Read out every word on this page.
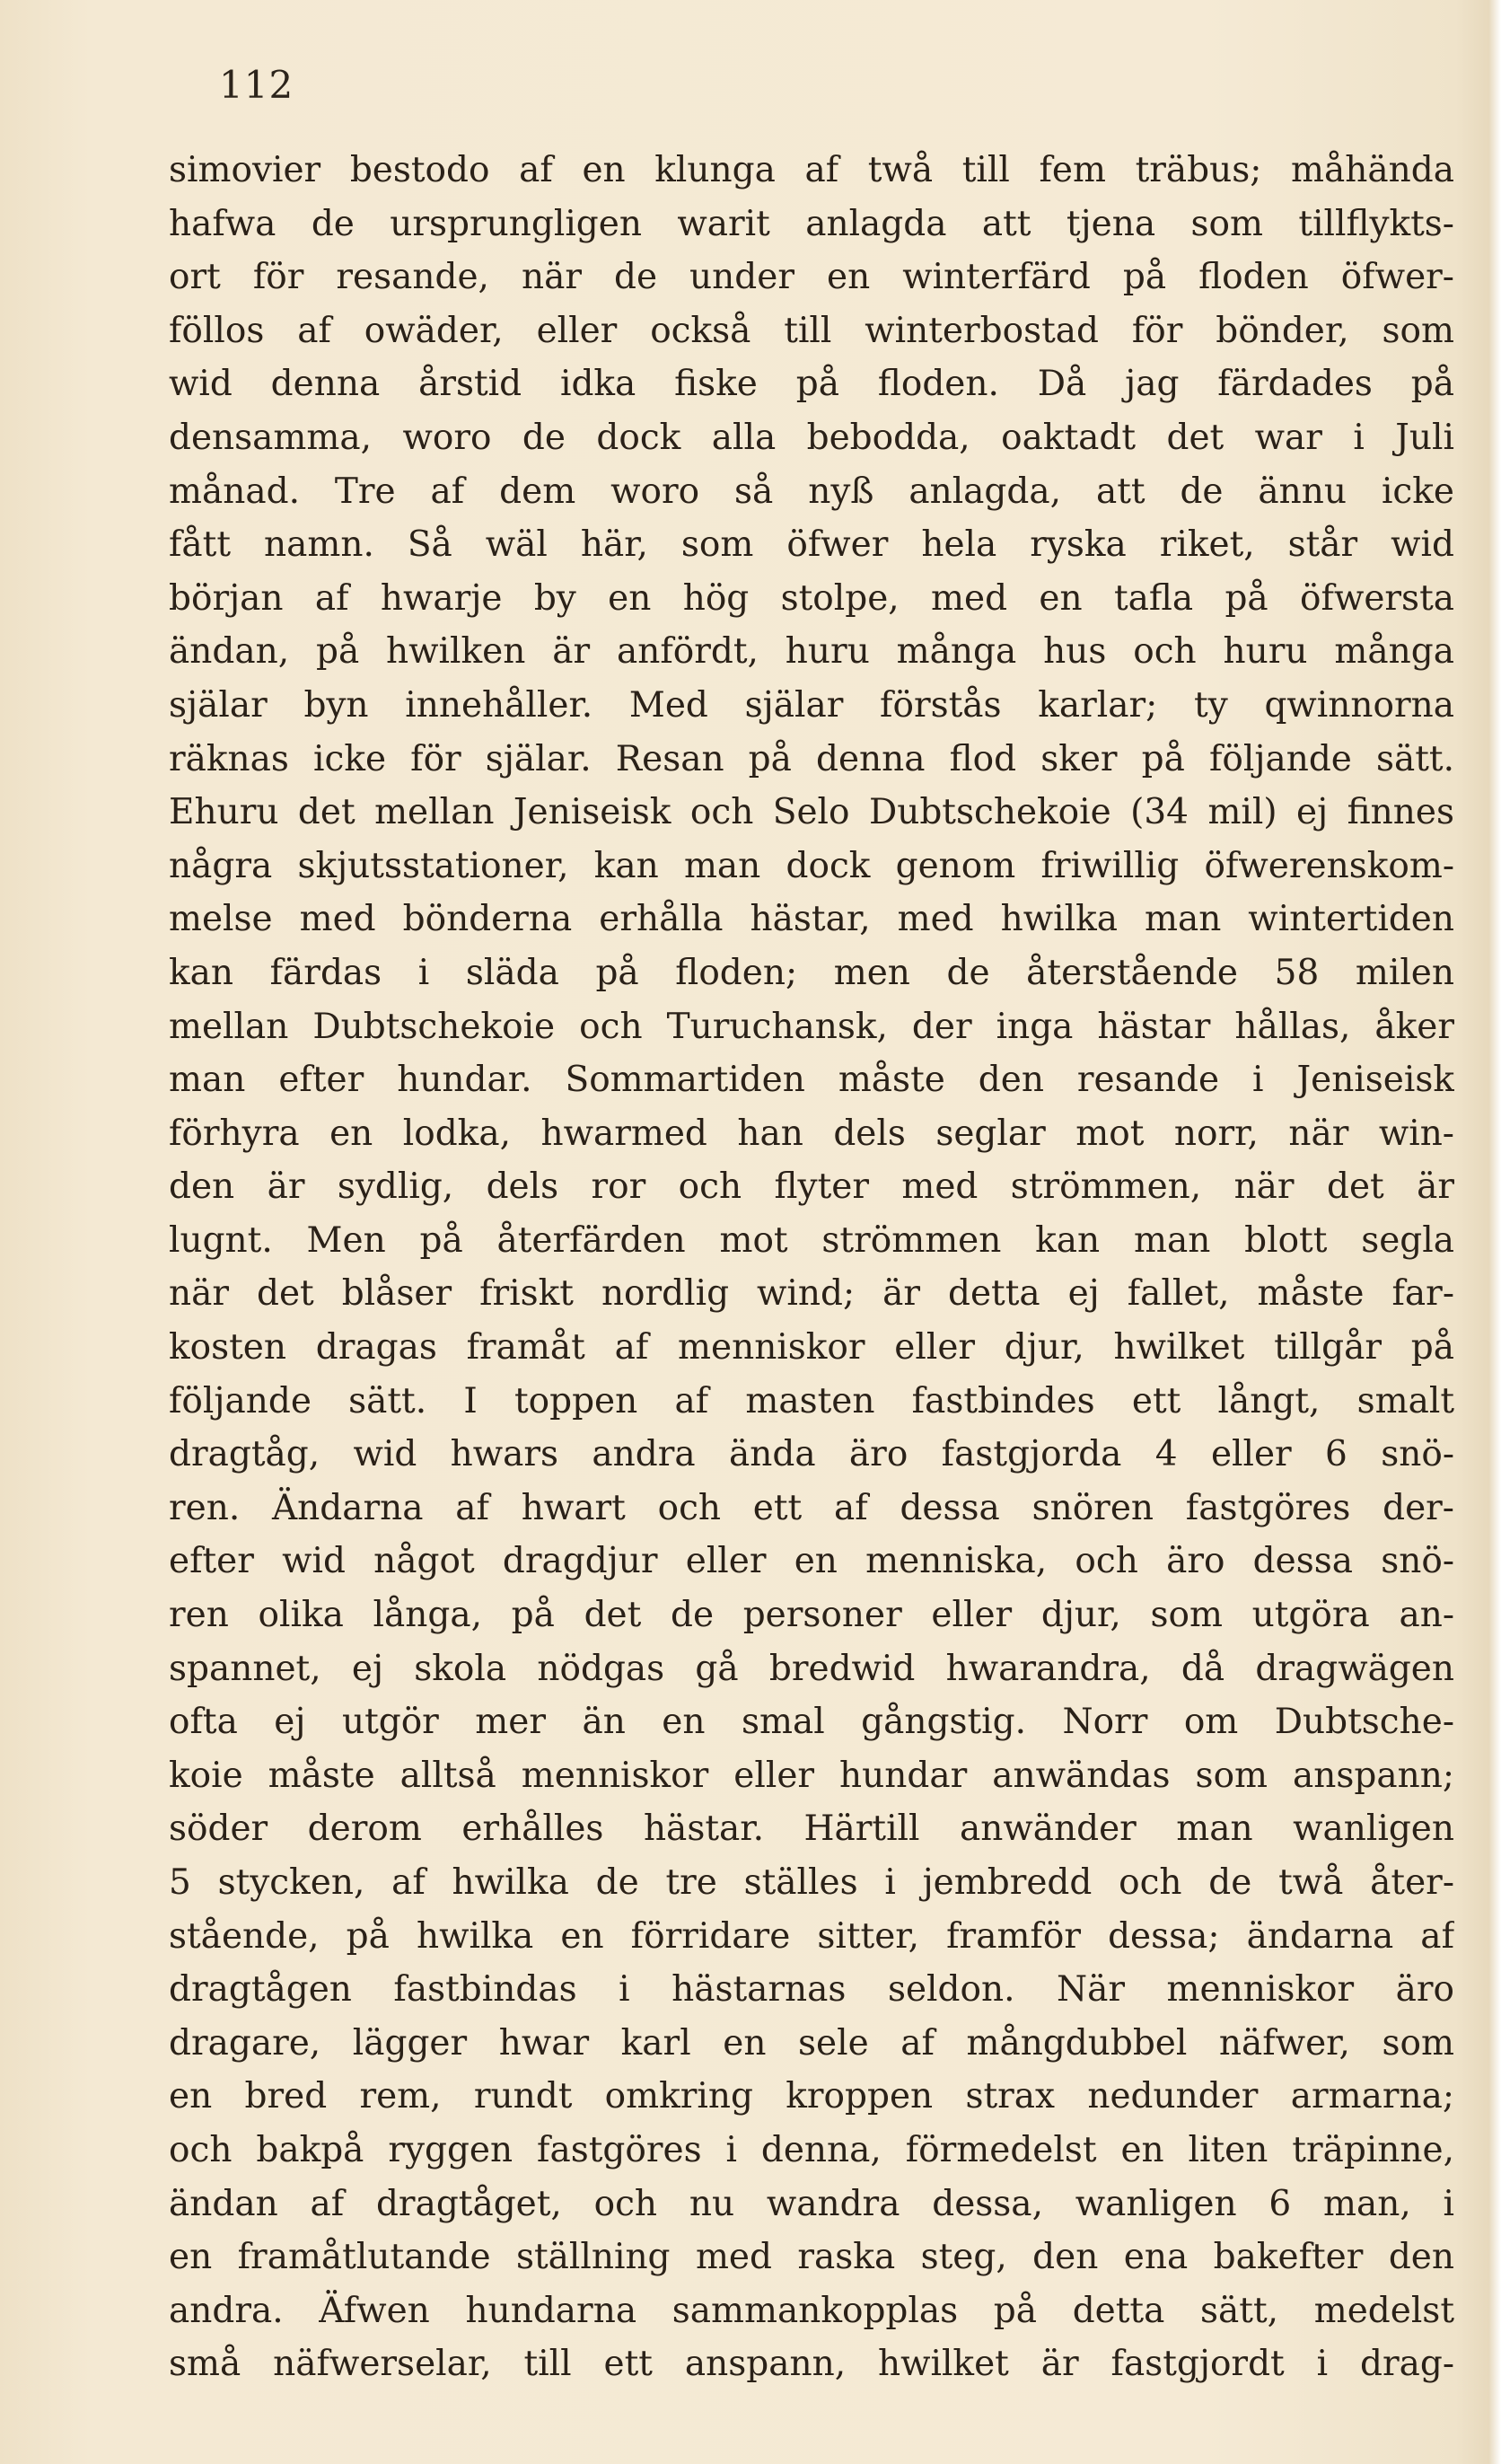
112
simovier bestodo af en klunga af twå till fem träbus; måhända
hafwa de ursprungligen warit anlagda att tjena som tillflykts-
ort för resande, när de under en winterfärd på floden öfwer-
föllos af owäder, eller också till winterbostad för bönder, som
wid denna årstid idka fiske på floden. Då jag färdades på
densamma, woro de dock alla bebodda, oaktadt det war i Juli
månad. Tre af dem woro så nyß anlagda, att de ännu icke
fått namn. Så wäl här, som öfwer hela ryska riket, står wid
början af hwarje by en hög stolpe, med en tafla på öfwersta
ändan, på hwilken är anfördt, huru många hus och huru många
själar byn innehåller. Med själar förstås karlar; ty qwinnorna
räknas icke för själar. Resan på denna flod sker på följande sätt.
Ehuru det mellan Jeniseisk och Selo Dubtschekoie (34 mil) ej finnes
några skjutsstationer, kan man dock genom friwillig öfwerenskom-
melse med bönderna erhålla hästar, med hwilka man wintertiden
kan färdas i släda på floden; men de återstående 58 milen
mellan Dubtschekoie och Turuchansk, der inga hästar hållas, åker
man efter hundar. Sommartiden måste den resande i Jeniseisk
förhyra en lodka, hwarmed han dels seglar mot norr, när win-
den är sydlig, dels ror och flyter med strömmen, när det är
lugnt. Men på återfärden mot strömmen kan man blott segla
när det blåser friskt nordlig wind; är detta ej fallet, måste far-
kosten dragas framåt af menniskor eller djur, hwilket tillgår på
följande sätt. I toppen af masten fastbindes ett långt, smalt
dragtåg, wid hwars andra ända äro fastgjorda 4 eller 6 snö-
ren. Ändarna af hwart och ett af dessa snören fastgöres der-
efter wid något dragdjur eller en menniska, och äro dessa snö-
ren olika långa, på det de personer eller djur, som utgöra an-
spannet, ej skola nödgas gå bredwid hwarandra, då dragwägen
ofta ej utgör mer än en smal gångstig. Norr om Dubtsche-
koie måste alltså menniskor eller hundar anwändas som anspann;
söder derom erhålles hästar. Härtill anwänder man wanligen
5 stycken, af hwilka de tre ställes i jembredd och de twå åter-
stående, på hwilka en förridare sitter, framför dessa; ändarna af
dragtågen fastbindas i hästarnas seldon. När menniskor äro
dragare, lägger hwar karl en sele af mångdubbel näfwer, som
en bred rem, rundt omkring kroppen strax nedunder armarna;
och bakpå ryggen fastgöres i denna, förmedelst en liten träpinne,
ändan af dragtåget, och nu wandra dessa, wanligen 6 man, i
en framåtlutande ställning med raska steg, den ena bakefter den
andra. Äfwen hundarna sammankopplas på detta sätt, medelst
små näfwerselar, till ett anspann, hwilket är fastgjordt i drag-
